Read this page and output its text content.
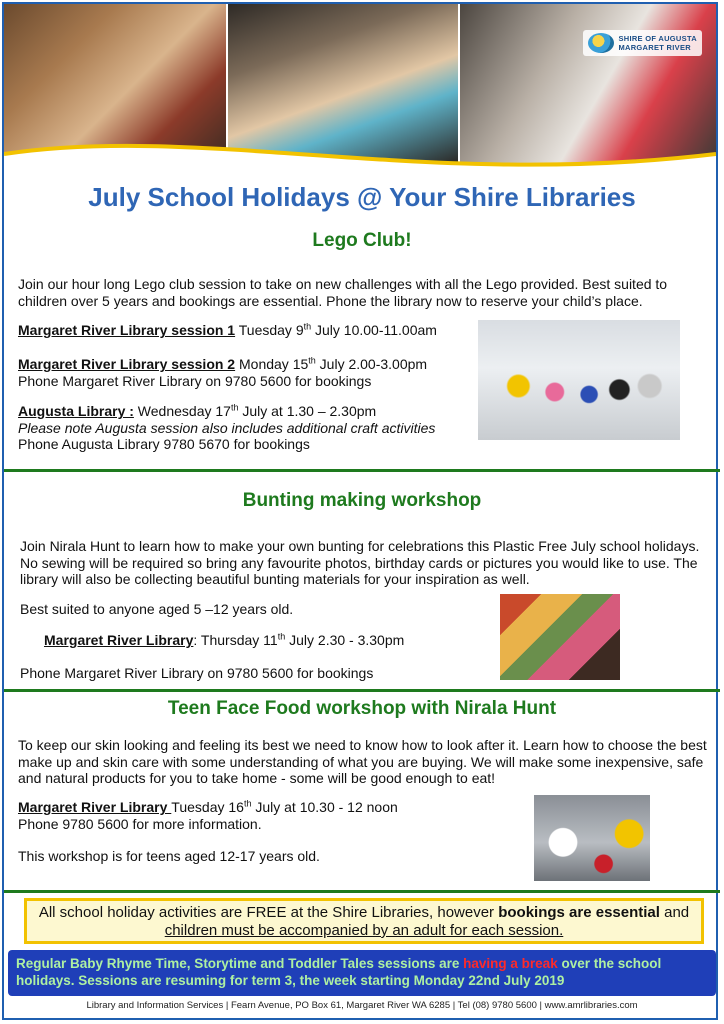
SHIRE OF AUGUSTA
MARGARET RIVER
July School Holidays @ Your Shire Libraries
Lego Club!
Join our hour long Lego club session to take on new challenges with all the Lego provided. Best suited to children over 5 years and bookings are essential. Phone the library now to reserve your child’s place.
Margaret River Library session 1 Tuesday 9th July 10.00-11.00am
Margaret River Library session 2 Monday 15th July 2.00-3.00pm
Phone Margaret River Library on 9780 5600 for bookings
Augusta Library : Wednesday 17th July at 1.30 – 2.30pm
Please note Augusta session also includes additional craft activities
Phone Augusta Library 9780 5670 for bookings
Bunting making workshop
Join Nirala Hunt to learn how to make your own bunting for celebrations this Plastic Free July school holidays. No sewing will be required so bring any favourite photos, birthday cards or pictures you would like to use. The library will also be collecting beautiful bunting materials for your inspiration as well.
Best suited to anyone aged 5 –12 years old.
Margaret River Library: Thursday 11th July 2.30 - 3.30pm
Phone Margaret River Library on 9780 5600 for bookings
Teen Face Food workshop with Nirala Hunt
To keep our skin looking and feeling its best we need to know how to look after it. Learn how to choose the best make up and skin care with some understanding of what you are buying. We will make some inexpensive, safe and natural products for you to take home - some will be good enough to eat!
Margaret River Library Tuesday 16th July at 10.30 - 12 noon
Phone 9780 5600 for more information.
This workshop is for teens aged 12-17 years old.
All school holiday activities are FREE at the Shire Libraries, however bookings are essential and children must be accompanied by an adult for each session.
Regular Baby Rhyme Time, Storytime and Toddler Tales sessions are having a break over the school holidays. Sessions are resuming for term 3, the week starting Monday 22nd July 2019
Library and Information Services | Fearn Avenue, PO Box 61, Margaret River WA 6285 | Tel (08) 9780 5600 | www.amrlibraries.com
